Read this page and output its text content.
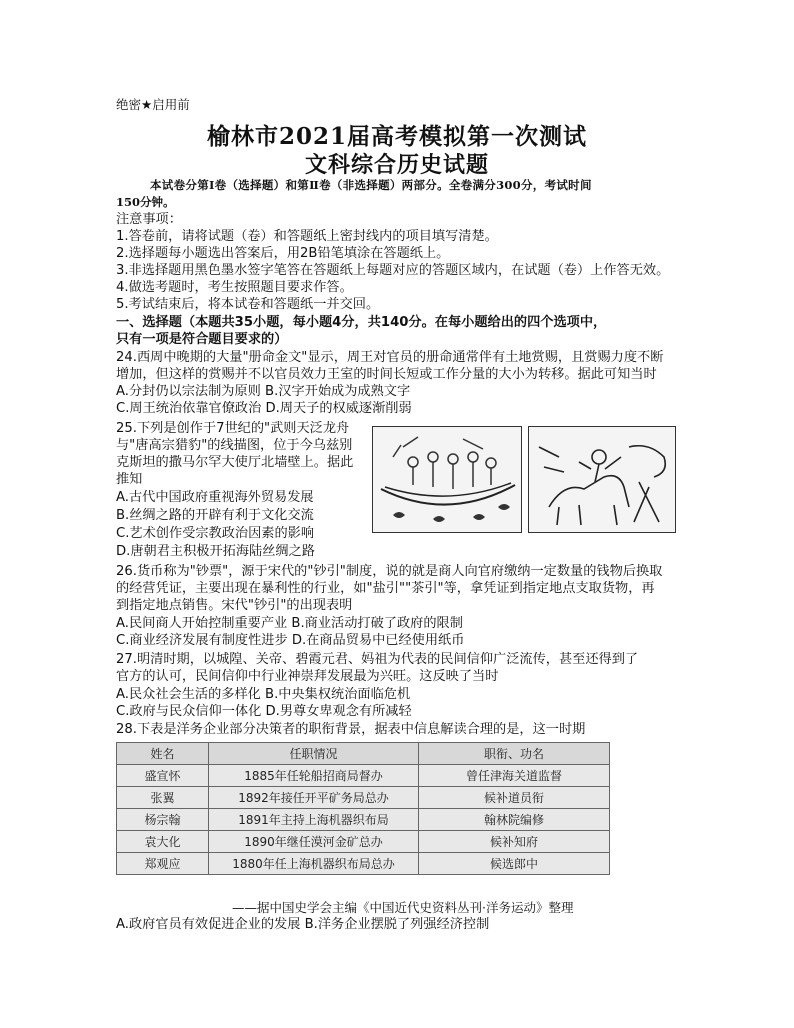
绝密★启用前
榆林市2021届高考模拟第一次测试
文科综合历史试题
本试卷分第Ⅰ卷（选择题）和第Ⅱ卷（非选择题）两部分。全卷满分300分，考试时间
150分钟。
注意事项：
1.答卷前，请将试题（卷）和答题纸上密封线内的项目填写清楚。
2.选择题每小题选出答案后，用2B铅笔填涂在答题纸上。
3.非选择题用黑色墨水签字笔答在答题纸上每题对应的答题区域内，在试题（卷）上作答无效。
4.做选考题时，考生按照题目要求作答。
5.考试结束后，将本试卷和答题纸一并交回。
一、选择题（本题共35小题，每小题4分，共140分。在每小题给出的四个选项中，
只有一项是符合题目要求的）
24.西周中晚期的大量"册命金文"显示，周王对官员的册命通常伴有土地赏赐，且赏赐力度不断
增加，但这样的赏赐并不以官员效力王室的时间长短或工作分量的大小为转移。据此可知当时
A.分封仍以宗法制为原则 B.汉字开始成为成熟文字
C.周王统治依靠官僚政治 D.周天子的权威逐渐削弱
25.下列是创作于7世纪的"武则天泛龙舟
与"唐高宗猎豹"的线描图，位于今乌兹别
克斯坦的撒马尔罕大使厅北墙壁上。据此
推知
A.古代中国政府重视海外贸易发展
B.丝绸之路的开辟有利于文化交流
C.艺术创作受宗教政治因素的影响
D.唐朝君主积极开拓海陆丝绸之路
26.货币称为"钞票"，源于宋代的"钞引"制度，说的就是商人向官府缴纳一定数量的钱物后换取
的经营凭证，主要出现在暴利性的行业，如"盐引""茶引"等，拿凭证到指定地点支取货物，再
到指定地点销售。宋代"钞引"的出现表明
A.民间商人开始控制重要产业 B.商业活动打破了政府的限制
C.商业经济发展有制度性进步 D.在商品贸易中已经使用纸币
27.明清时期，以城隍、关帝、碧霞元君、妈祖为代表的民间信仰广泛流传，甚至还得到了
官方的认可，民间信仰中行业神崇拜发展最为兴旺。这反映了当时
A.民众社会生活的多样化 B.中央集权统治面临危机
C.政府与民众信仰一体化 D.男尊女卑观念有所减轻
28.下表是洋务企业部分决策者的职衔背景，据表中信息解读合理的是，这一时期
姓名	任职情况	职衔、功名
盛宣怀	1885年任轮船招商局督办	曾任津海关道监督
张翼	1892年接任开平矿务局总办	候补道员衔
杨宗翰	1891年主持上海机器织布局	翰林院编修
袁大化	1890年继任漠河金矿总办	候补知府
郑观应	1880年任上海机器织布局总办	候选郎中
——据中国史学会主编《中国近代史资料丛刊·洋务运动》整理
A.政府官员有效促进企业的发展 B.洋务企业摆脱了列强经济控制
